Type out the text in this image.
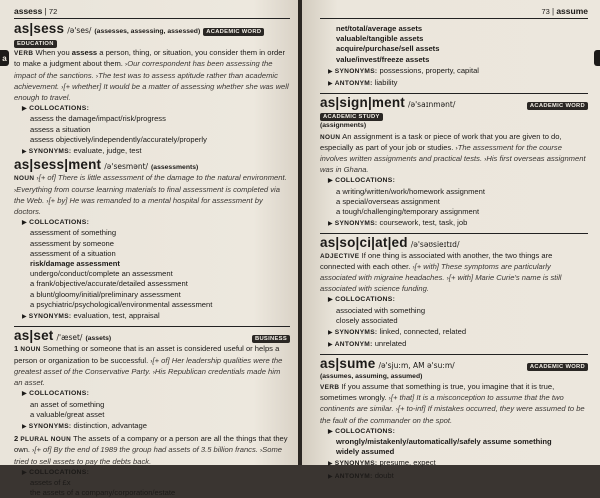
a
assess | 72
as|sess /ə'ses/ (assesses, assessing, assessed)	ACADEMIC WORD
EDUCATION
VERB When you assess a person, thing, or situation, you consider them in order to make a judgment about them. ›Our correspondent has been assessing the impact of the sanctions. ›The test was to assess aptitude rather than academic achievement. ›[+ whether] It would be a matter of assessing whether she was well enough to travel.
▶ COLLOCATIONS:
assess the damage/impact/risk/progress
assess a situation
assess objectively/independently/accurately/properly
▶ SYNONYMS: evaluate, judge, test
as|sess|ment /ə'sesmənt/ (assessments)
NOUN ›[+ of] There is little assessment of the damage to the natural environment. ›Everything from course learning materials to final assessment is completed via the Web. ›[+ by] He was remanded to a mental hospital for assessment by doctors.
▶ COLLOCATIONS:
assessment of something
assessment by someone
assessment of a situation
risk/damage assessment
undergo/conduct/complete an assessment
a frank/objective/accurate/detailed assessment
a blunt/gloomy/initial/preliminary assessment
a psychiatric/psychological/environmental assessment
▶ SYNONYMS: evaluation, test, appraisal
as|set /'æset/ (assets)	BUSINESS
1 NOUN Something or someone that is an asset is considered useful or helps a person or organization to be successful. ›[+ of] Her leadership qualities were the greatest asset of the Conservative Party. ›His Republican credentials made him an asset.
▶ COLLOCATIONS:
an asset of something
a valuable/great asset
▶ SYNONYMS: distinction, advantage
2 PLURAL NOUN The assets of a company or a person are all the things that they own. ›[+ of] By the end of 1989 the group had assets of 3.5 billion francs. ›Some tried to sell assets to pay the debts back.
▶ COLLOCATIONS:
assets of £x
the assets of a company/corporation/estate
73 | assume
net/total/average assets
valuable/tangible assets
acquire/purchase/sell assets
value/invest/freeze assets
▶ SYNONYMS: possessions, property, capital
▶ ANTONYM: liability
as|sign|ment /ə'saɪnmənt/	ACADEMIC WORD
ACADEMIC STUDY
(assignments)
NOUN An assignment is a task or piece of work that you are given to do, especially as part of your job or studies. ›The assessment for the course involves written assignments and practical tests. ›His first overseas assignment was in Ghana.
▶ COLLOCATIONS:
a writing/written/work/homework assignment
a special/overseas assignment
a tough/challenging/temporary assignment
▶ SYNONYMS: coursework, test, task, job
as|so|ci|at|ed /ə'səʊsieɪtɪd/
ADJECTIVE If one thing is associated with another, the two things are connected with each other. ›[+ with] These symptoms are particularly associated with migraine headaches. ›[+ with] Marie Curie's name is still associated with science funding.
▶ COLLOCATIONS:
associated with something
closely associated
▶ SYNONYMS: linked, connected, related
▶ ANTONYM: unrelated
as|sume /ə'sju:m, AM ə'su:m/	ACADEMIC WORD
(assumes, assuming, assumed)
VERB If you assume that something is true, you imagine that it is true, sometimes wrongly. ›[+ that] It is a misconception to assume that the two continents are similar. ›[+ to-inf] If mistakes occurred, they were assumed to be the fault of the commander on the spot.
▶ COLLOCATIONS:
wrongly/mistakenly/automatically/safely assume something
widely assumed
▶ SYNONYMS: presume, expect
▶ ANTONYM: doubt
